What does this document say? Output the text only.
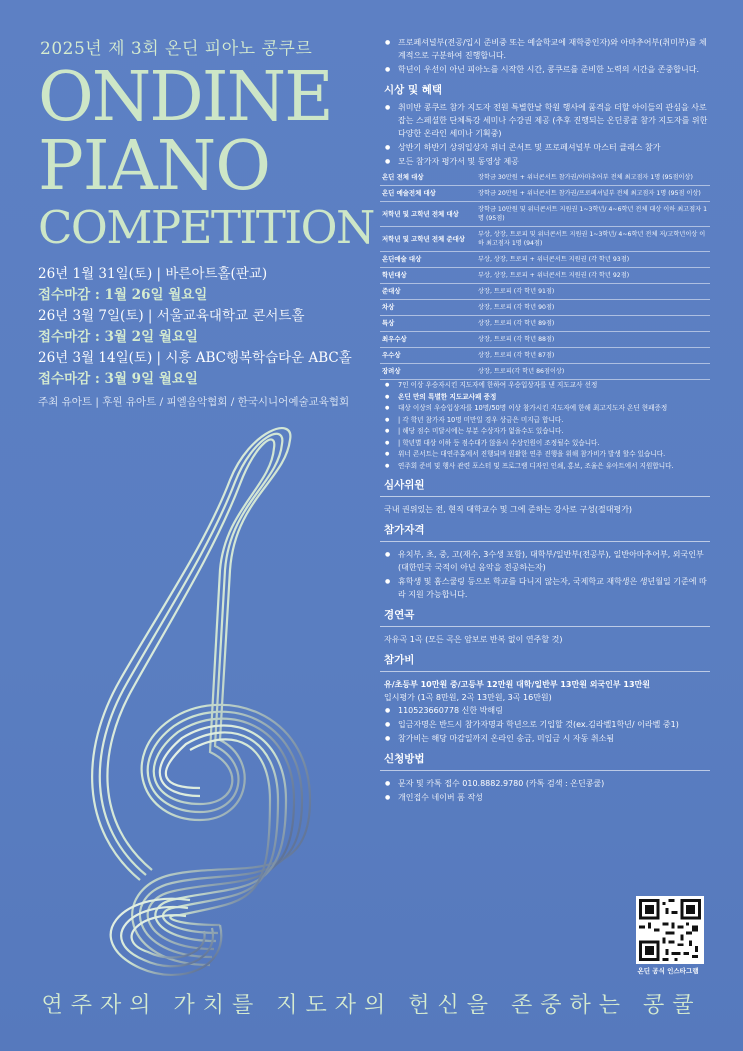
2025년 제 3회 온딘 피아노 콩쿠르
ONDINE
PIANO
COMPETITION
26년 1월 31일(토) | 바른아트홀(판교)
접수마감 : 1월 26일 월요일
26년 3월 7일(토) | 서울교육대학교 콘서트홀
접수마감 : 3월 2일 월요일
26년 3월 14일(토) | 시흥 ABC행복학습타운 ABC홀
접수마감 : 3월 9일 월요일
주최 유아트 | 후원 유아트 / 피엘음악협회 / 한국시니어예술교육협회
● 프로페셔널부(전공/입시 준비중 또는 예술학교에 재학중인자)와 아마추어부(취미부)를 체계적으로 구분하여 진행합니다.
● 학년이 우선이 아닌 피아노를 시작한 시간, 콩쿠르를 준비한 노력의 시간을 존중합니다.
시상 및 혜택
● 취미반 콩쿠르 참가 지도자 전원 특별한날 학원 행사에 품격을 더할 아이들의 관심을 사로잡는 스페셜한 단체특강 세미나 수강권 제공 (추후 진행되는 온딘콩쿨 참가 지도자를 위한 다양한 온라인 세미나 기획중)
● 상반기 하반기 상위입상자 위너 콘서트 및 프로페셔널부 마스터 클래스 참가
● 모든 참가자 평가서 및 동영상 제공
온딘 전체 대상	장학금 30만원 + 위너콘서트 참가권/아마추어부 전체 최고점자 1명 (95점이상)
온딘 예술전체 대상	장학금 20만원 + 위너콘서트 참가권/프로페셔널부 전체 최고점자 1명 (95점 이상)
저학년 및 고학년 전체 대상	장학금 10만원 및 위너콘서트 지원권 1~3학년/ 4~6학년 전체 대상 이하 최고점자 1명 (95점)
저학년 및 고학년 전체 준대상	부상, 상장, 트로피 및 위너콘서트 지원권 1~3학년/ 4~6학년 전체 저/고학년이상 이하 최고점자 1명 (94점)
온딘예술 대상	부상, 상장, 트로피 + 위너콘서트 지원권 (각 학년 93점)
학년대상	부상, 상장, 트로피 + 위너콘서트 지원권 (각 학년 92점)
준대상	상장, 트로피 (각 학년 91점)
차상	상장, 트로피 (각 학년 90점)
특상	상장, 트로피 (각 학년 89점)
최우수상	상장, 트로피 (각 학년 88점)
우수상	상장, 트로피 (각 학년 87점)
장려상	상장, 트로피(각 학년 86점이상)
● 7인 이상 우승자시킨 지도자에 한하여 우승입상자를 낸 지도교사 선정
● 온딘 만의 특별한 지도교사패 증정
● 대상 이상의 우승입상자를 10명/50명 이상 참가시킨 지도자에 한해 최고지도자 온딘 현패증정
● | 각 학년 참가자 10명 미만일 경우 상금은 미지급 합니다.
● | 해당 점수 미달시에는 부분 수상자가 없을수도 있습니다.
● | 학년별 대상 이하 등 점수대가 않을시 수상인원이 조정될수 있습니다.
● 위너 콘서트는 대연주홀에서 진행되며 원활한 연주 진행을 위해 참가비가 발생 할수 있습니다.
● 연주회 준비 및 행사 관련 포스터 및 프로그램 디자인 인쇄, 홍보, 조율은 유아트에서 지원합니다.
심사위원
국내 권위있는 전, 현직 대학교수 및 그에 준하는 강사로 구성(절대평가)
참가자격
● 유치부, 초, 중, 고(재수, 3수생 포함), 대학부/일반부(전공부), 일반아마추어부, 외국인부(대한민국 국적이 아닌 음악을 전공하는자)
● 휴학생 및 홈스쿨링 등으로 학교를 다니지 않는자, 국제학교 재학생은 생년월일 기준에 따라 지원 가능합니다.
경연곡
자유곡 1곡 (모든 곡은 암보로 반복 없이 연주할 것)
참가비
유/초등부 10만원 중/고등부 12만원 대학/일반부 13만원 외국인부 13만원
입시평가 (1곡 8만원, 2곡 13만원, 3곡 16만원)
● 110523660778 신한 박해림
● 입금자명은 반드시 참가자명과 학년으로 기입할 것(ex.김라벨1학년/ 이라벨 중1)
● 참가비는 해당 마감일까지 온라인 송금, 미입금 시 자동 취소됨
신청방법
● 문자 및 카톡 접수 010.8882.9780 (카톡 검색 : 온딘콩쿨)
● 개인접수 네이버 폼 작성
온딘 공식 인스타그램
연주자의 가치를 지도자의 헌신을 존중하는 콩쿨
